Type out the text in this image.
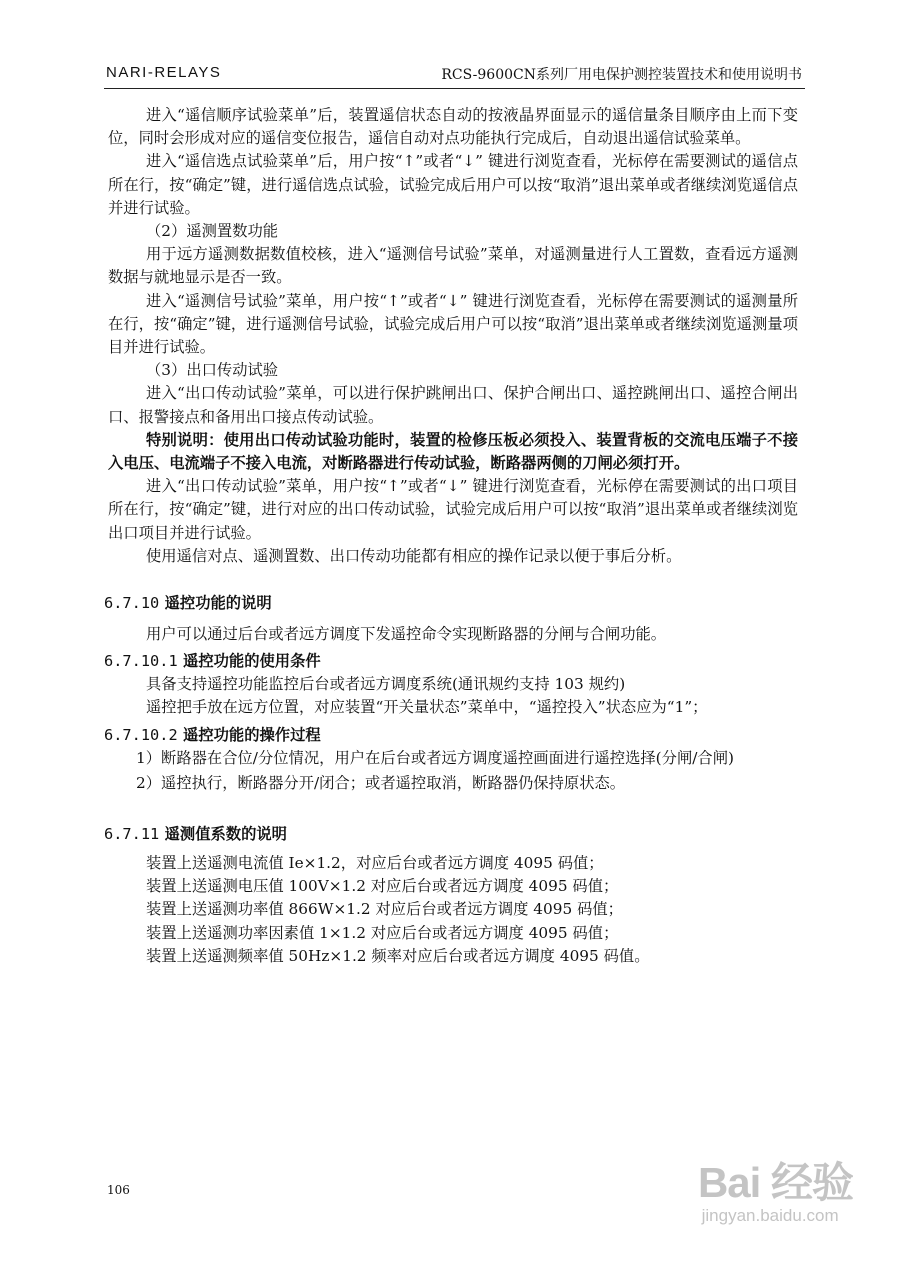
NARI-RELAYS	RCS-9600CN系列厂用电保护测控装置技术和使用说明书

进入“遥信顺序试验菜单”后，装置遥信状态自动的按液晶界面显示的遥信量条目顺序由上而下变位，同时会形成对应的遥信变位报告，遥信自动对点功能执行完成后，自动退出遥信试验菜单。

进入“遥信选点试验菜单”后，用户按“↑”或者“↓” 键进行浏览查看，光标停在需要测试的遥信点所在行，按“确定”键，进行遥信选点试验，试验完成后用户可以按“取消”退出菜单或者继续浏览遥信点并进行试验。

（2）遥测置数功能

用于远方遥测数据数值校核，进入“遥测信号试验”菜单，对遥测量进行人工置数，查看远方遥测数据与就地显示是否一致。

进入“遥测信号试验”菜单，用户按“↑”或者“↓” 键进行浏览查看，光标停在需要测试的遥测量所在行，按“确定”键，进行遥测信号试验，试验完成后用户可以按“取消”退出菜单或者继续浏览遥测量项目并进行试验。

（3）出口传动试验

进入“出口传动试验”菜单，可以进行保护跳闸出口、保护合闸出口、遥控跳闸出口、遥控合闸出口、报警接点和备用出口接点传动试验。

特别说明：使用出口传动试验功能时，装置的检修压板必须投入、装置背板的交流电压端子不接入电压、电流端子不接入电流，对断路器进行传动试验，断路器两侧的刀闸必须打开。

进入“出口传动试验”菜单，用户按“↑”或者“↓” 键进行浏览查看，光标停在需要测试的出口项目所在行，按“确定”键，进行对应的出口传动试验，试验完成后用户可以按“取消”退出菜单或者继续浏览出口项目并进行试验。

使用遥信对点、遥测置数、出口传动功能都有相应的操作记录以便于事后分析。

6.7.10 遥控功能的说明

用户可以通过后台或者远方调度下发遥控命令实现断路器的分闸与合闸功能。

6.7.10.1 遥控功能的使用条件

具备支持遥控功能监控后台或者远方调度系统(通讯规约支持 103 规约)

遥控把手放在远方位置，对应装置“开关量状态”菜单中，“遥控投入”状态应为“1”；

6.7.10.2 遥控功能的操作过程

1）断路器在合位/分位情况，用户在后台或者远方调度遥控画面进行遥控选择(分闸/合闸)

2）遥控执行，断路器分开/闭合；或者遥控取消，断路器仍保持原状态。

6.7.11 遥测值系数的说明

装置上送遥测电流值 Ie×1.2，对应后台或者远方调度 4095 码值；

装置上送遥测电压值 100V×1.2 对应后台或者远方调度 4095 码值；

装置上送遥测功率值 866W×1.2 对应后台或者远方调度 4095 码值；

装置上送遥测功率因素值 1×1.2 对应后台或者远方调度 4095 码值；

装置上送遥测频率值 50Hz×1.2 频率对应后台或者远方调度 4095 码值。

106	Bai 经验
jingyan.baidu.com
